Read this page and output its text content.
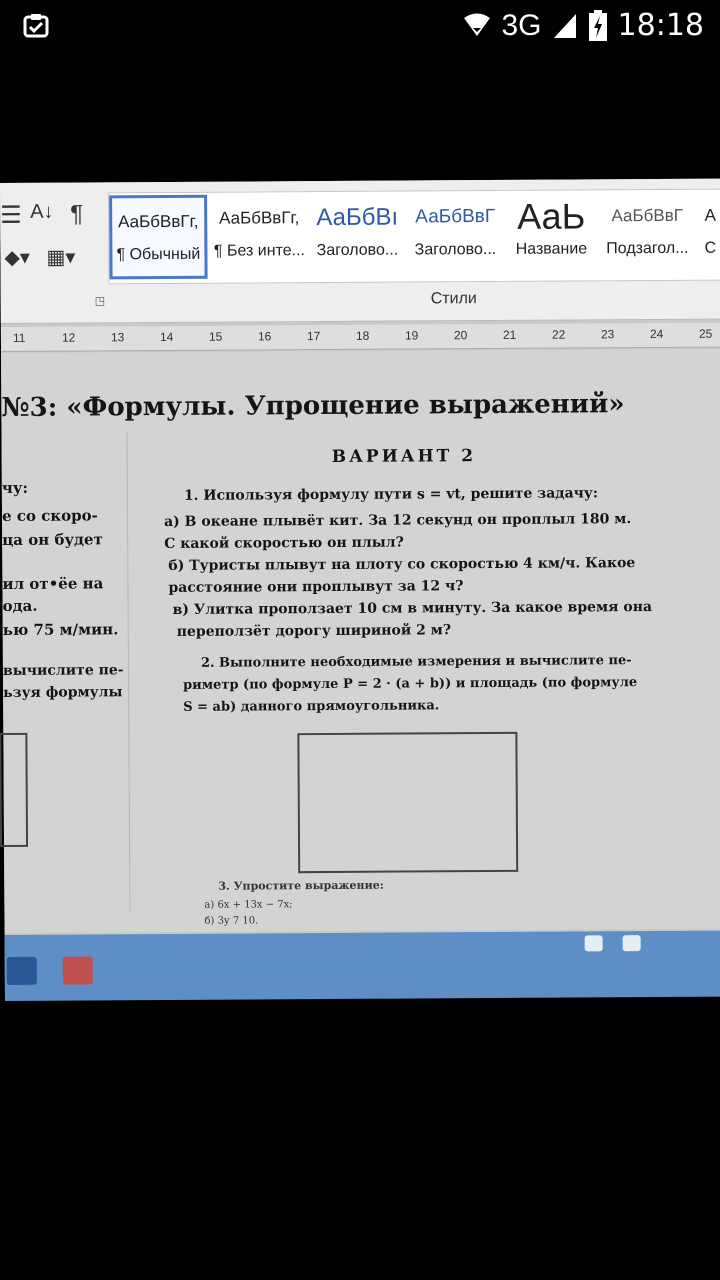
3G	18:18
☰ A↓ ¶
◆▾ ▦▾
АаБбВвГг,
¶ Обычный
АаБбВвГг,
¶ Без инте...
АаБбВı
Заголово...
АаБбВвГ
Заголово...
АаЬ
Название
АаБбВвГ
Подзагол...
А
С
◳	Стили
11	12	13	14	15	16	17	18	19	20	21	22	23	24	25
№3: «Формулы. Упрощение выражений»
чу:
е со скоро-
ца он будет
ил от•ёе на
ода.
ью 75 м/мин.
вычислите пе-
ьзуя формулы
ВАРИАНТ 2
1. Используя формулу пути s = vt, решите задачу:
а) В океане плывёт кит. За 12 секунд он проплыл 180 м.
С какой скоростью он плыл?
б) Туристы плывут на плоту со скоростью 4 км/ч. Какое
расстояние они проплывут за 12 ч?
в) Улитка проползает 10 см в минуту. За какое время она
переползёт дорогу шириной 2 м?
2. Выполните необходимые измерения и вычислите пе-
риметр (по формуле P = 2 · (a + b)) и площадь (по формуле
S = ab) данного прямоугольника.
3. Упростите выражение:
а) 6x + 13x − 7x;
б) 3y 7 10.
